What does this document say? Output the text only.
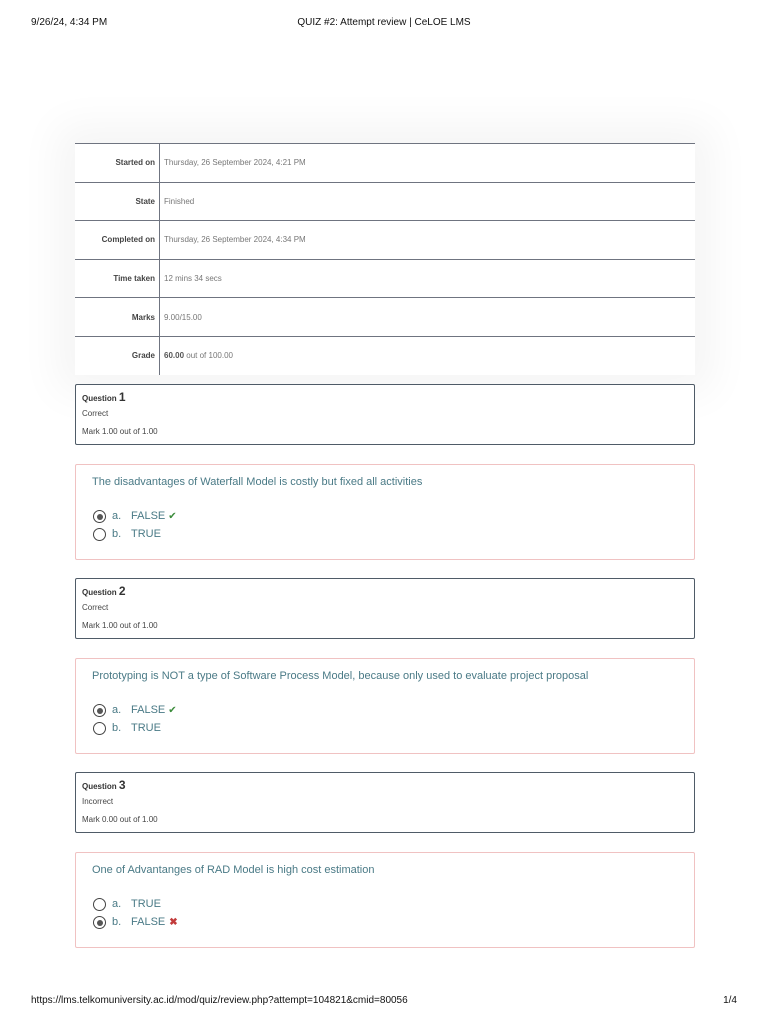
9/26/24, 4:34 PM	QUIZ #2: Attempt review | CeLOE LMS
Started on	Thursday, 26 September 2024, 4:21 PM
State	Finished
Completed on	Thursday, 26 September 2024, 4:34 PM
Time taken	12 mins 34 secs
Marks	9.00/15.00
Grade	60.00 out of 100.00
Question 1
Correct
Mark 1.00 out of 1.00
The disadvantages of Waterfall Model is costly but fixed all activities
a. FALSE ✔
b. TRUE
Question 2
Correct
Mark 1.00 out of 1.00
Prototyping is NOT a type of Software Process Model, because only used to evaluate project proposal
a. FALSE ✔
b. TRUE
Question 3
Incorrect
Mark 0.00 out of 1.00
One of Advantanges of RAD Model is high cost estimation
a. TRUE
b. FALSE ✖
https://lms.telkomuniversity.ac.id/mod/quiz/review.php?attempt=104821&cmid=80056	1/4
